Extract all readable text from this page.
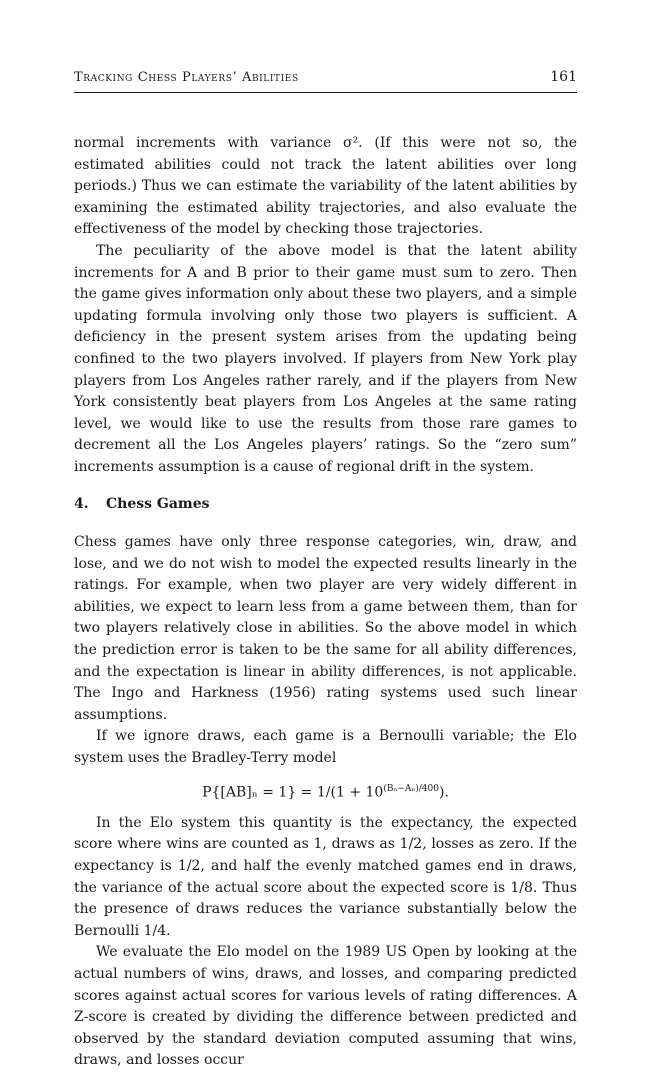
Tracking Chess Players’ Abilities	161

normal increments with variance σ². (If this were not so, the estimated abilities could not track the latent abilities over long periods.) Thus we can estimate the variability of the latent abilities by examining the estimated ability trajectories, and also evaluate the effectiveness of the model by checking those trajectories.

The peculiarity of the above model is that the latent ability increments for A and B prior to their game must sum to zero. Then the game gives information only about these two players, and a simple updating formula involving only those two players is sufficient. A deficiency in the present system arises from the updating being confined to the two players involved. If players from New York play players from Los Angeles rather rarely, and if the players from New York consistently beat players from Los Angeles at the same rating level, we would like to use the results from those rare games to decrement all the Los Angeles players’ ratings. So the “zero sum” increments assumption is a cause of regional drift in the system.

4. Chess Games

Chess games have only three response categories, win, draw, and lose, and we do not wish to model the expected results linearly in the ratings. For example, when two player are very widely different in abilities, we expect to learn less from a game between them, than for two players relatively close in abilities. So the above model in which the prediction error is taken to be the same for all ability differences, and the expectation is linear in ability differences, is not applicable. The Ingo and Harkness (1956) rating systems used such linear assumptions.

If we ignore draws, each game is a Bernoulli variable; the Elo system uses the Bradley-Terry model

$P\{[AB]_n = 1\} = 1/(1 + 10^{(B_n-A_n)/400})$.

In the Elo system this quantity is the expectancy, the expected score where wins are counted as 1, draws as 1/2, losses as zero. If the expectancy is 1/2, and half the evenly matched games end in draws, the variance of the actual score about the expected score is 1/8. Thus the presence of draws reduces the variance substantially below the Bernoulli 1/4.

We evaluate the Elo model on the 1989 US Open by looking at the actual numbers of wins, draws, and losses, and comparing predicted scores against actual scores for various levels of rating differences. A Z-score is created by dividing the difference between predicted and observed by the standard deviation computed assuming that wins, draws, and losses occur
